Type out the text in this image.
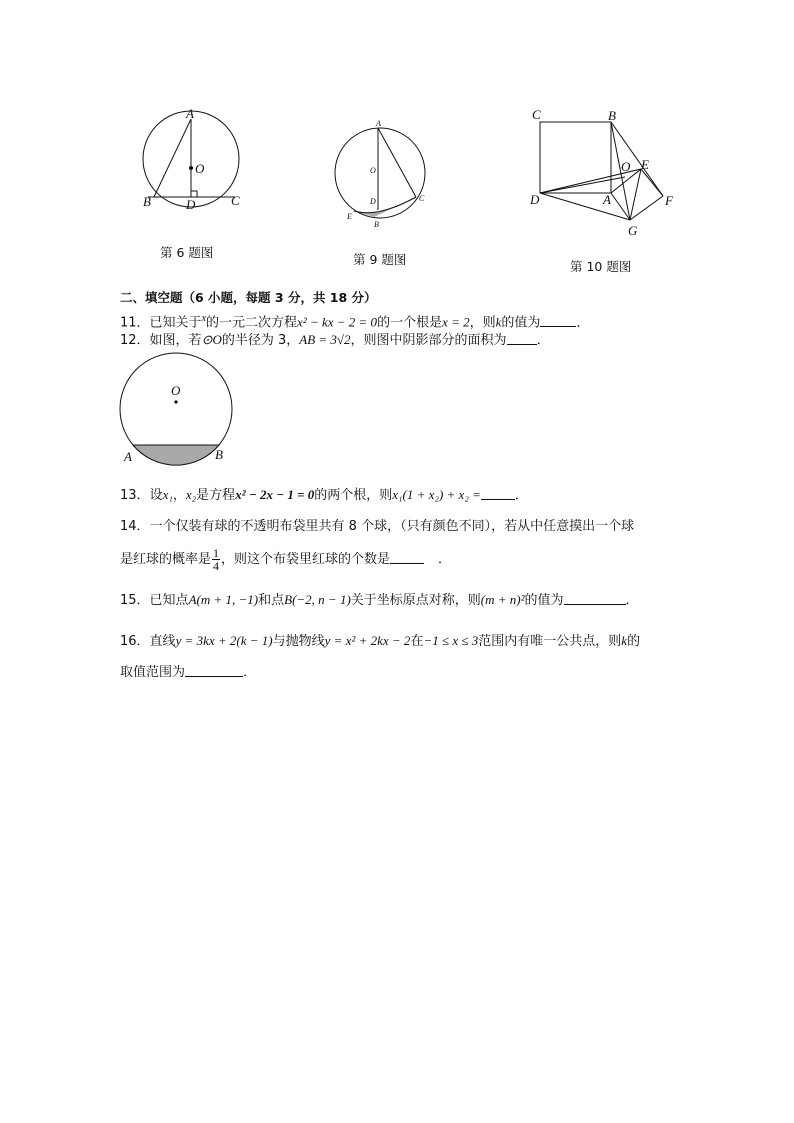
A
O
B	D	C
第 6 题图
A
O
D
E
B
C
第 9 题图
C	B
O E
D	A	F
G
第 10 题图
二、填空题（6 小题，每题 3 分，共 18 分）
11．已知关于$^x$的一元二次方程x² − kx − 2 = 0的一个根是x = 2，则k的值为	．
12．如图，若⊙O的半径为 3，AB = 3√2，则图中阴影部分的面积为 ．
O
A	B
13．设x₁，x₂是方程x² − 2x − 1 = 0的两个根，则x₁(1 + x₂) + x₂ =	．
14．一个仅装有球的不透明布袋里共有 8 个球，（只有颜色不同），若从中任意摸出一个球
是红球的概率是 $\frac{1}{4}$ ，则这个布袋里红球的个数是	．
15．已知点A(m + 1, −1)和点B(−2, n − 1)关于坐标原点对称，则(m + n)²的值为	．
16．直线y = 3kx + 2(k − 1)与抛物线y = x² + 2kx − 2在−1 ≤ x ≤ 3范围内有唯一公共点，则k的
取值范围为	．
